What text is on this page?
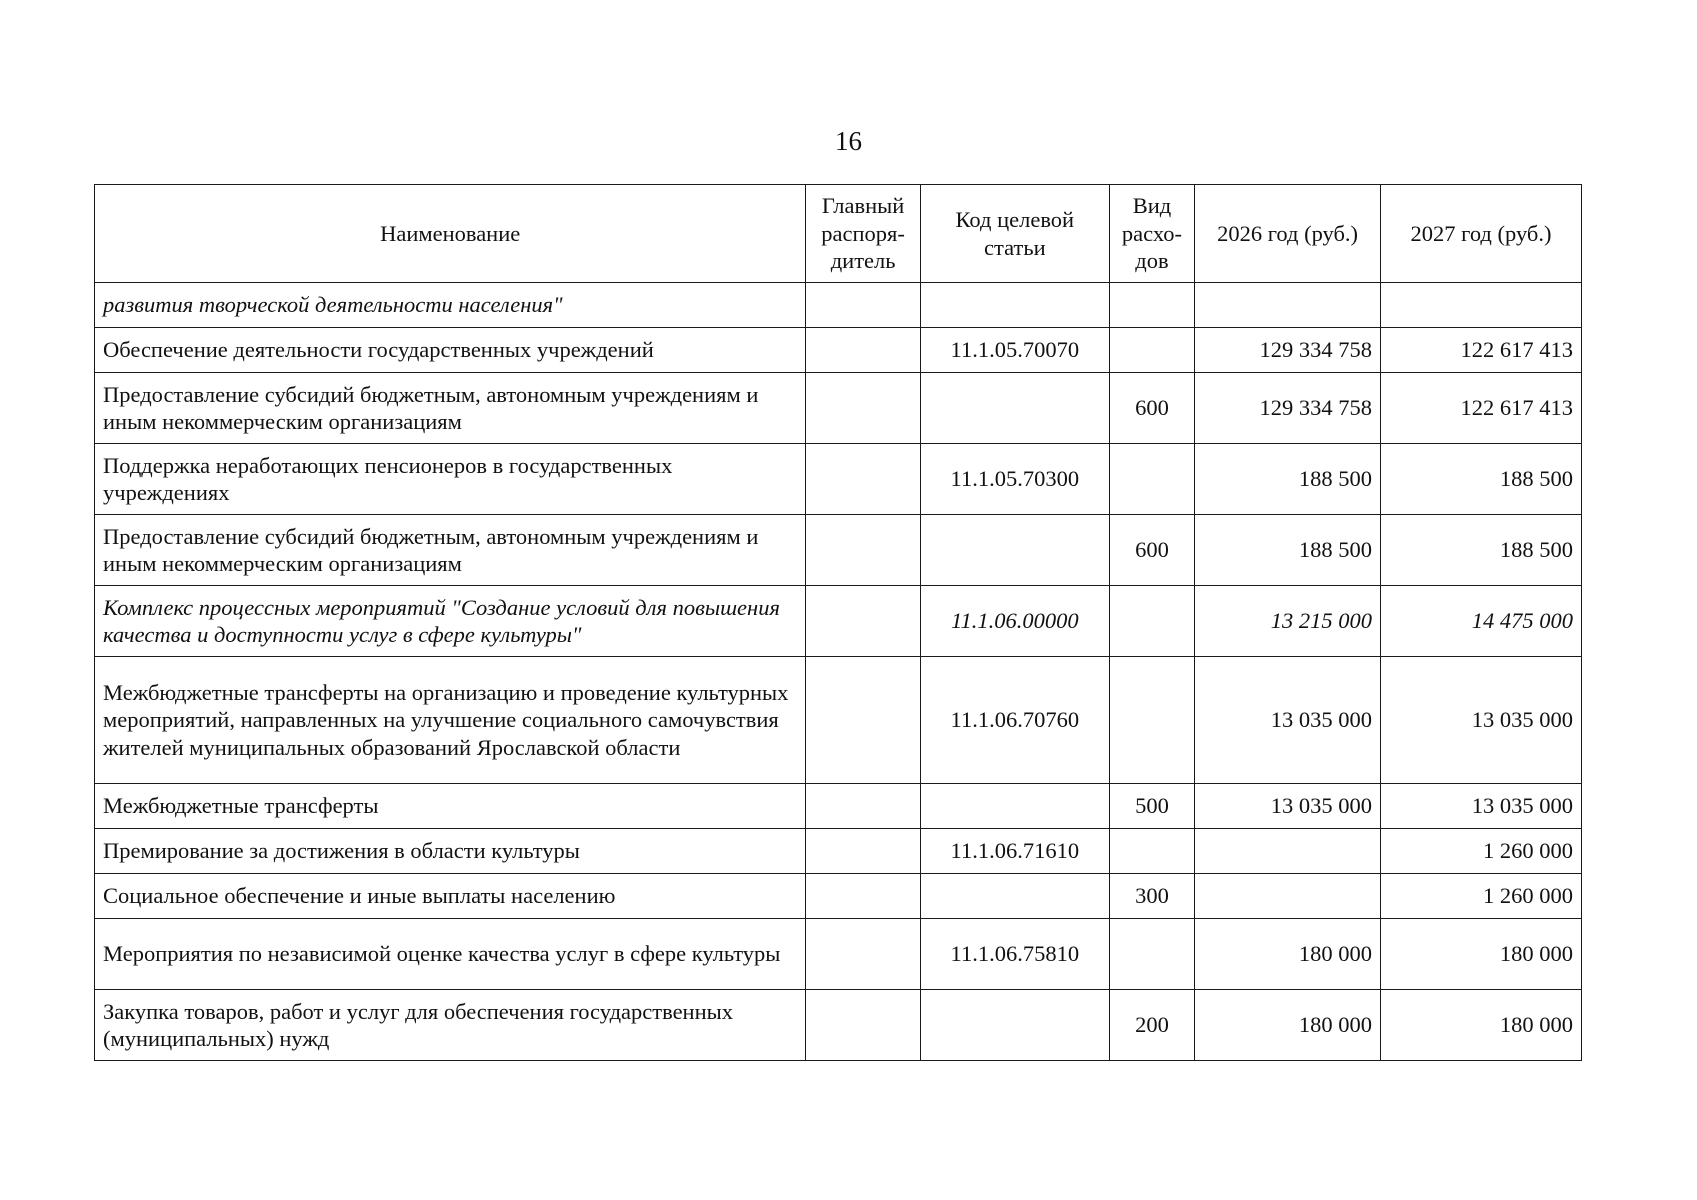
16
Наименование	Главный распоря-дитель	Код целевой статьи	Вид расхо-дов	2026 год (руб.)	2027 год (руб.)
развития творческой деятельности населения"					
Обеспечение деятельности государственных учреждений		11.1.05.70070		129 334 758	122 617 413
Предоставление субсидий бюджетным, автономным учреждениям и иным некоммерческим организациям			600	129 334 758	122 617 413
Поддержка неработающих пенсионеров в государственных учреждениях		11.1.05.70300		188 500	188 500
Предоставление субсидий бюджетным, автономным учреждениям и иным некоммерческим организациям			600	188 500	188 500
Комплекс процессных мероприятий "Создание условий для повышения качества и доступности услуг в сфере культуры"		11.1.06.00000		13 215 000	14 475 000
Межбюджетные трансферты на организацию и проведение культурных мероприятий, направленных на улучшение социального самочувствия жителей муниципальных образований Ярославской области		11.1.06.70760		13 035 000	13 035 000
Межбюджетные трансферты			500	13 035 000	13 035 000
Премирование за достижения в области культуры		11.1.06.71610			1 260 000
Социальное обеспечение и иные выплаты населению			300		1 260 000
Мероприятия по независимой оценке качества услуг в сфере культуры		11.1.06.75810		180 000	180 000
Закупка товаров, работ и услуг для обеспечения государственных (муниципальных) нужд			200	180 000	180 000
